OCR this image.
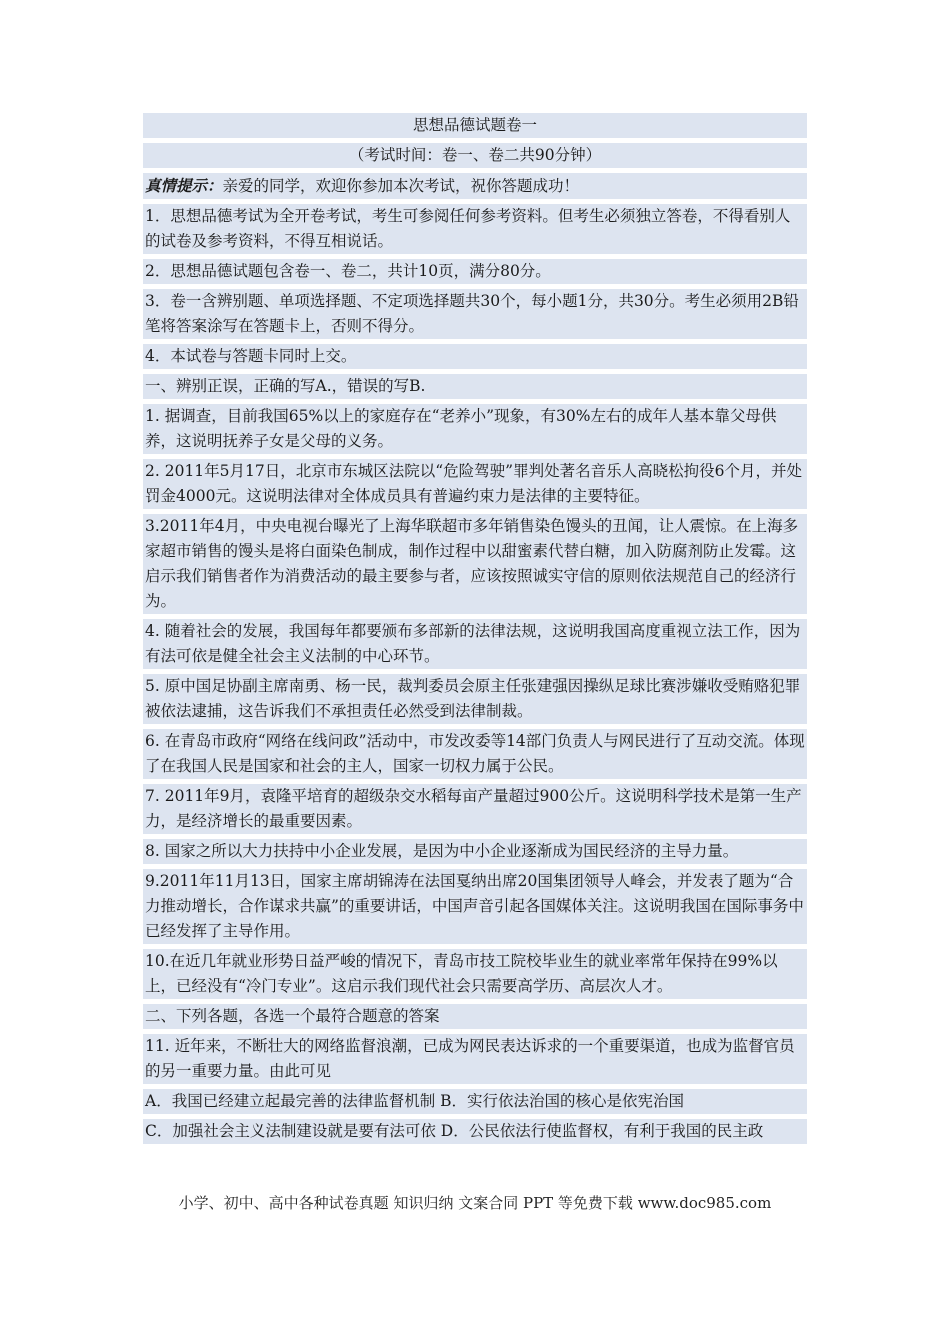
思想品德试题卷一
（考试时间：卷一、卷二共90分钟）
真情提示：亲爱的同学，欢迎你参加本次考试，祝你答题成功！
1．思想品德考试为全开卷考试，考生可参阅任何参考资料。但考生必须独立答卷，不得看别人的试卷及参考资料，不得互相说话。
2．思想品德试题包含卷一、卷二，共计10页，满分80分。
3．卷一含辨别题、单项选择题、不定项选择题共30个，每小题1分，共30分。考生必须用2B铅笔将答案涂写在答题卡上，否则不得分。
4．本试卷与答题卡同时上交。
一、辨别正误，正确的写A.，错误的写B.
1. 据调查，目前我国65%以上的家庭存在“老养小”现象，有30%左右的成年人基本靠父母供养，这说明抚养子女是父母的义务。
2. 2011年5月17日，北京市东城区法院以“危险驾驶”罪判处著名音乐人高晓松拘役6个月，并处罚金4000元。这说明法律对全体成员具有普遍约束力是法律的主要特征。
3.2011年4月，中央电视台曝光了上海华联超市多年销售染色馒头的丑闻，让人震惊。在上海多家超市销售的馒头是将白面染色制成，制作过程中以甜蜜素代替白糖，加入防腐剂防止发霉。这启示我们销售者作为消费活动的最主要参与者，应该按照诚实守信的原则依法规范自己的经济行为。
4. 随着社会的发展，我国每年都要颁布多部新的法律法规，这说明我国高度重视立法工作，因为有法可依是健全社会主义法制的中心环节。
5. 原中国足协副主席南勇、杨一民，裁判委员会原主任张建强因操纵足球比赛涉嫌收受贿赂犯罪被依法逮捕，这告诉我们不承担责任必然受到法律制裁。
6. 在青岛市政府“网络在线问政”活动中，市发改委等14部门负责人与网民进行了互动交流。体现了在我国人民是国家和社会的主人，国家一切权力属于公民。
7. 2011年9月，袁隆平培育的超级杂交水稻每亩产量超过900公斤。这说明科学技术是第一生产力，是经济增长的最重要因素。
8. 国家之所以大力扶持中小企业发展，是因为中小企业逐渐成为国民经济的主导力量。
9.2011年11月13日，国家主席胡锦涛在法国戛纳出席20国集团领导人峰会，并发表了题为“合力推动增长，合作谋求共赢”的重要讲话，中国声音引起各国媒体关注。这说明我国在国际事务中已经发挥了主导作用。
10.在近几年就业形势日益严峻的情况下，青岛市技工院校毕业生的就业率常年保持在99%以上，已经没有“冷门专业”。这启示我们现代社会只需要高学历、高层次人才。
二、下列各题，各选一个最符合题意的答案
11. 近年来，不断壮大的网络监督浪潮，已成为网民表达诉求的一个重要渠道，也成为监督官员的另一重要力量。由此可见
A．我国已经建立起最完善的法律监督机制 B．实行依法治国的核心是依宪治国
C．加强社会主义法制建设就是要有法可依 D．公民依法行使监督权，有利于我国的民主政
小学、初中、高中各种试卷真题 知识归纳 文案合同 PPT 等免费下载 www.doc985.com
